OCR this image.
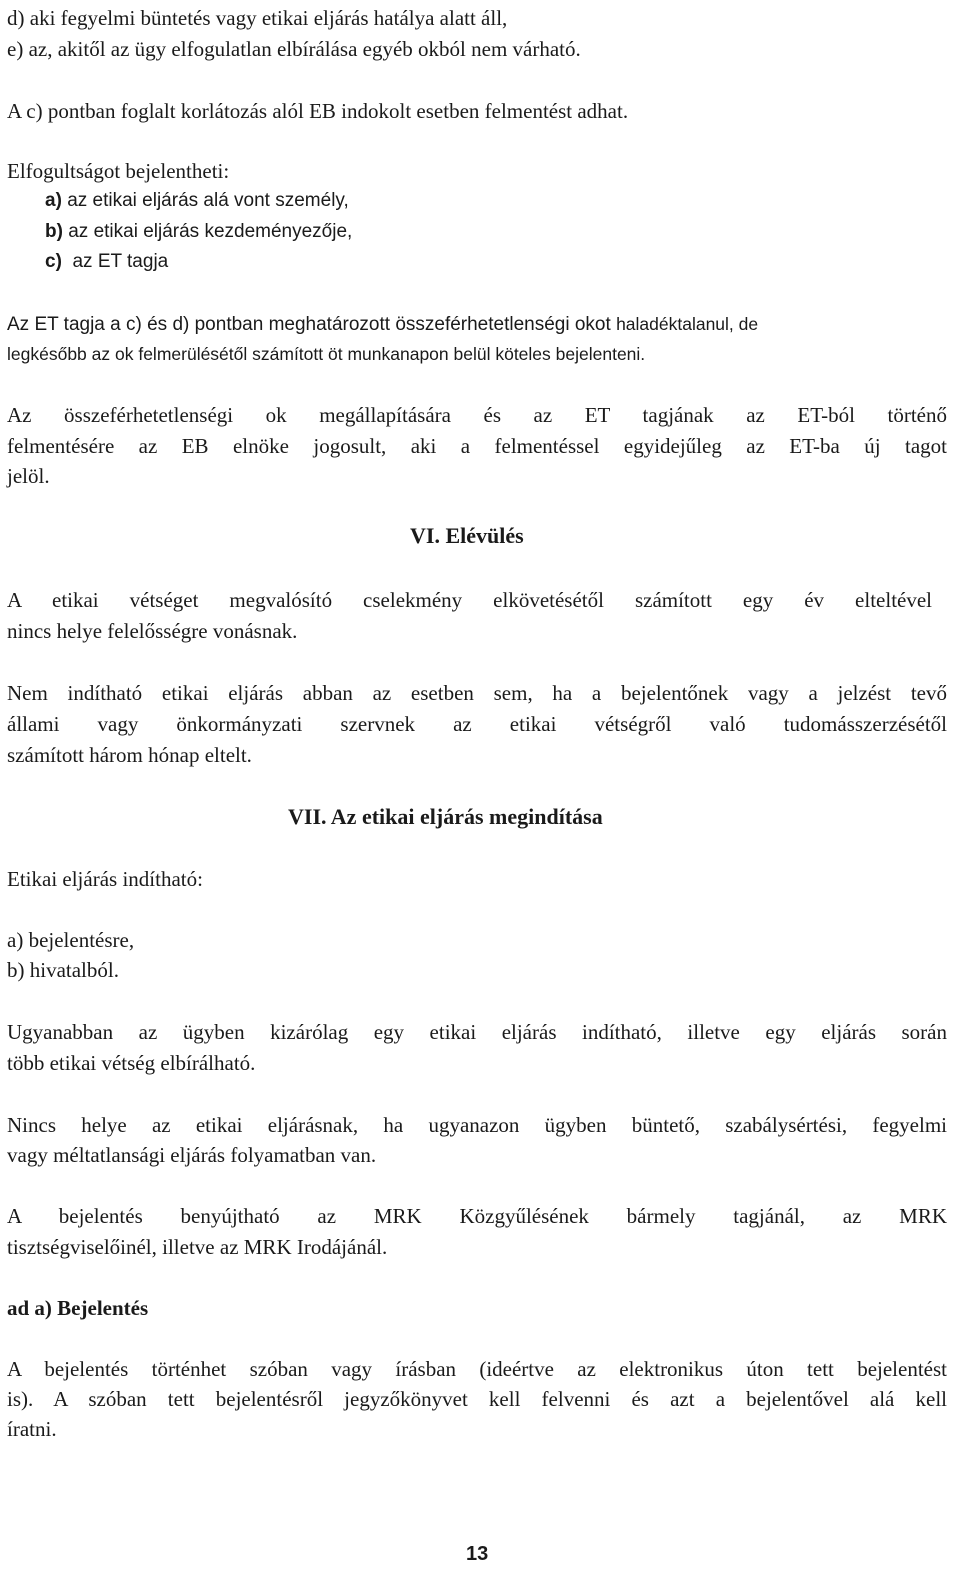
d) aki fegyelmi büntetés vagy etikai eljárás hatálya alatt áll,

e) az, akitől az ügy elfogulatlan elbírálása egyéb okból nem várható.

A c) pontban foglalt korlátozás alól EB indokolt esetben felmentést adhat.

Elfogultságot bejelentheti:

a) az etikai eljárás alá vont személy,

b) az etikai eljárás kezdeményezője,

c) az ET tagja

Az ET tagja a c) és d) pontban meghatározott összeférhetetlenségi okot haladéktalanul, de

legkésőbb az ok felmerülésétől számított öt munkanapon belül köteles bejelenteni.

Az összeférhetetlenségi ok megállapítására és az ET tagjának az ET-ból történő

felmentésére az EB elnöke jogosult, aki a felmentéssel egyidejűleg az ET-ba új tagot

jelöl.

VI. Elévülés

A etikai vétséget megvalósító cselekmény elkövetésétől számított egy év elteltével

nincs helye felelősségre vonásnak.

Nem indítható etikai eljárás abban az esetben sem, ha a bejelentőnek vagy a jelzést tevő

állami vagy önkormányzati szervnek az etikai vétségről való tudomásszerzésétől

számított három hónap eltelt.

VII. Az etikai eljárás megindítása

Etikai eljárás indítható:

a) bejelentésre,

b) hivatalból.

Ugyanabban az ügyben kizárólag egy etikai eljárás indítható, illetve egy eljárás során

több etikai vétség elbírálható.

Nincs helye az etikai eljárásnak, ha ugyanazon ügyben büntető, szabálysértési, fegyelmi

vagy méltatlansági eljárás folyamatban van.

A bejelentés benyújtható az MRK Közgyűlésének bármely tagjánál, az MRK

tisztségviselőinél, illetve az MRK Irodájánál.

ad a) Bejelentés

A bejelentés történhet szóban vagy írásban (ideértve az elektronikus úton tett bejelentést

is). A szóban tett bejelentésről jegyzőkönyvet kell felvenni és azt a bejelentővel alá kell

íratni.

13
